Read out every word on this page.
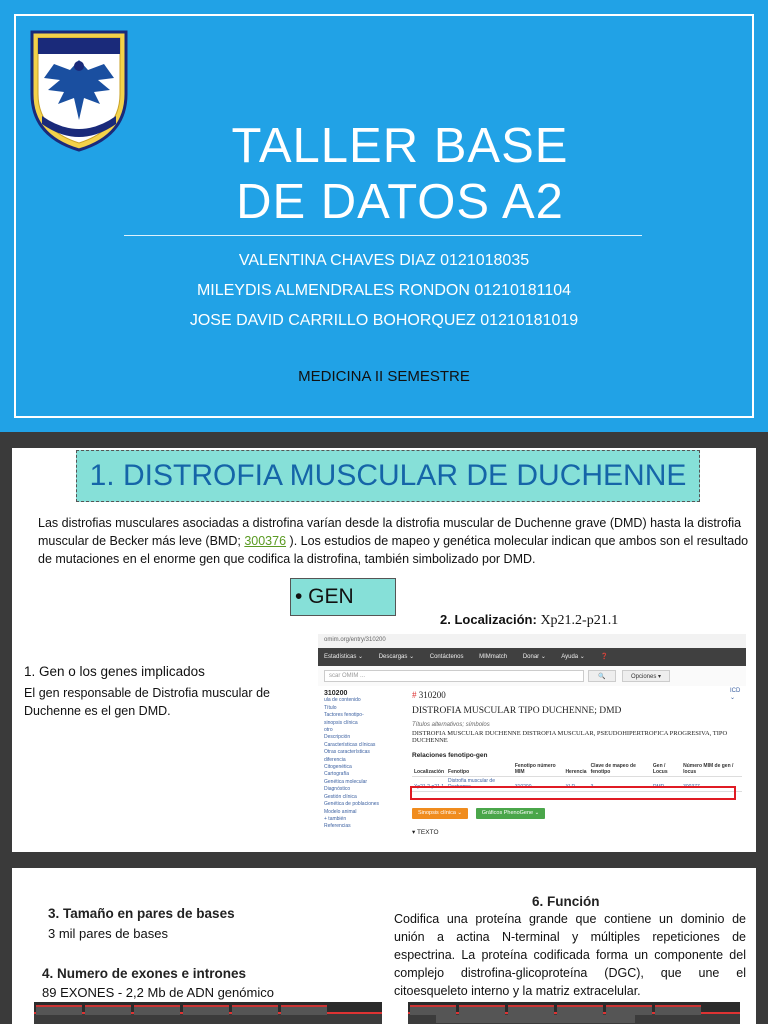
TALLER BASE
DE DATOS A2
VALENTINA CHAVES DIAZ 0121018035
MILEYDIS ALMENDRALES RONDON 01210181104
JOSE DAVID CARRILLO BOHORQUEZ 01210181019
MEDICINA II SEMESTRE
1. DISTROFIA MUSCULAR DE DUCHENNE

Las distrofias musculares asociadas a distrofina varían desde la distrofia muscular de Duchenne grave (DMD) hasta la distrofia muscular de Becker más leve (BMD; 300376 ). Los estudios de mapeo y genética molecular indican que ambos son el resultado de mutaciones en el enorme gen que codifica la distrofina, también simbolizado por DMD.

• GEN
2. Localización: Xp21.2-p21.1
1. Gen o los genes implicados
El gen responsable de Distrofia muscular de Duchenne es el gen DMD.
omim.org/entry/310200
Estadísticas ⌄	Descargas ⌄	Contáctenos	MIMmatch	Donar ⌄	Ayuda ⌄	❓
scar OMIM ...	🔍	Opciones ▾
ICD ⌄
310200
ula de contenido
Título
Tactores fenotipo-
sinopsis clínica
otro
Descripción
Características clínicas
Otras características
diferencia
Citogenética
Cartografía
Genética molecular
Diagnóstico
Gestión clínica
Genética de poblaciones
Modelo animal
+ también
Referencias
# 310200
DISTROFIA MUSCULAR TIPO DUCHENNE; DMD
Títulos alternativos; símbolos
DISTROFIA MUSCULAR DUCHENNE DISTROFIA MUSCULAR, PSEUDOHIPERTROFICA PROGRESIVA, TIPO DUCHENNE
Relaciones fenotipo-gen
Localización	Fenotipo	Fenotipo número MIM	Herencia	Clave de mapeo de fenotipo	Gen / Locus	Número MIM de gen / locus
Xp21.2-p21.1	Distrofia muscular de Duchenne	310200	XLR	3	DMD	300377
Sinopsis clínica ⌄	Gráficos PhenoGene ⌄
▾ TEXTO
3. Tamaño en pares de bases
3 mil pares de bases
4. Numero de exones e intrones
89 EXONES - 2,2 Mb de ADN genómico
6. Función
Codifica una proteína grande que contiene un dominio de unión a actina N-terminal y múltiples repeticiones de espectrina. La proteína codificada forma un componente del complejo distrofina-glicoproteína (DGC), que une el citoesqueleto interno y la matriz extracelular.
